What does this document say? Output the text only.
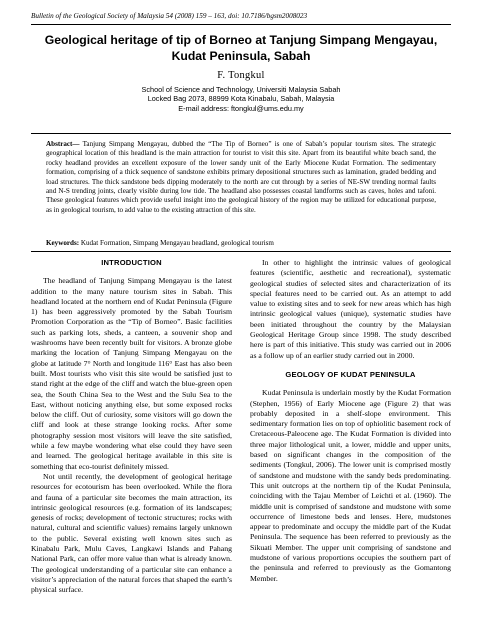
Bulletin of the Geological Society of Malaysia 54 (2008) 159 – 163, doi: 10.7186/bgsm2008023
Geological heritage of tip of Borneo at Tanjung Simpang Mengayau,
Kudat Peninsula, Sabah
F. Tongkul
School of Science and Technology, Universiti Malaysia Sabah
Locked Bag 2073, 88999 Kota Kinabalu, Sabah, Malaysia
E-mail address: ftongkul@ums.edu.my
Abstract— Tanjung Simpang Mengayau, dubbed the “The Tip of Borneo” is one of Sabah’s popular tourism sites. The strategic geographical location of this headland is the main attraction for tourist to visit this site. Apart from its beautiful white beach sand, the rocky headland provides an excellent exposure of the lower sandy unit of the Early Miocene Kudat Formation. The sedimentary formation, comprising of a thick sequence of sandstone exhibits primary depositional structures such as lamination, graded bedding and load structures. The thick sandstone beds dipping moderately to the north are cut through by a series of NE-SW trending normal faults and N-S trending joints, clearly visible during low tide. The headland also possesses coastal landforms such as caves, holes and tafoni. These geological features which provide useful insight into the geological history of the region may be utilized for educational purpose, as in geological tourism, to add value to the existing attraction of this site.
Keywords: Kudat Formation, Simpang Mengayau headland, geological tourism
INTRODUCTION

The headland of Tanjung Simpang Mengayau is the latest addition to the many nature tourism sites in Sabah. This headland located at the northern end of Kudat Peninsula (Figure 1) has been aggressively promoted by the Sabah Tourism Promotion Corporation as the “Tip of Borneo”. Basic facilities such as parking lots, sheds, a canteen, a souvenir shop and washrooms have been recently built for visitors. A bronze globe marking the location of Tanjung Simpang Mengayau on the globe at latitude 7° North and longitude 116° East has also been built. Most tourists who visit this site would be satisfied just to stand right at the edge of the cliff and watch the blue-green open sea, the South China Sea to the West and the Sulu Sea to the East, without noticing anything else, but some exposed rocks below the cliff. Out of curiosity, some visitors will go down the cliff and look at these strange looking rocks. After some photography session most visitors will leave the site satisfied, while a few maybe wondering what else could they have seen and learned. The geological heritage available in this site is something that eco-tourist definitely missed.

Not until recently, the development of geological heritage resources for ecotourism has been overlooked. While the flora and fauna of a particular site becomes the main attraction, its intrinsic geological resources (e.g. formation of its landscapes; genesis of rocks; development of tectonic structures; rocks with natural, cultural and scientific values) remains largely unknown to the public. Several existing well known sites such as Kinabalu Park, Mulu Caves, Langkawi Islands and Pahang National Park, can offer more value than what is already known. The geological understanding of a particular site can enhance a visitor’s appreciation of the natural forces that shaped the earth’s physical surface.

In other to highlight the intrinsic values of geological features (scientific, aesthetic and recreational), systematic geological studies of selected sites and characterization of its special features need to be carried out. As an attempt to add value to existing sites and to seek for new areas which has high intrinsic geological values (unique), systematic studies have been initiated throughout the country by the Malaysian Geological Heritage Group since 1998. The study described here is part of this initiative. This study was carried out in 2006 as a follow up of an earlier study carried out in 2000.

GEOLOGY OF KUDAT PENINSULA

Kudat Peninsula is underlain mostly by the Kudat Formation (Stephen, 1956) of Early Miocene age (Figure 2) that was probably deposited in a shelf-slope environment. This sedimentary formation lies on top of ophiolitic basement rock of Cretaceous-Paleocene age. The Kudat Formation is divided into three major lithological unit, a lower, middle and upper units, based on significant changes in the composition of the sediments (Tongkul, 2006). The lower unit is comprised mostly of sandstone and mudstone with the sandy beds predominating. This unit outcrops at the northern tip of the Kudat Peninsula, coinciding with the Tajau Member of Leichti et al. (1960). The middle unit is comprised of sandstone and mudstone with some occurrence of limestone beds and lenses. Here, mudstones appear to predominate and occupy the middle part of the Kudat Peninsula. The sequence has been referred to previously as the Sikuati Member. The upper unit comprising of sandstone and mudstone of various proportions occupies the southern part of the peninsula and referred to previously as the Gomantong Member.
